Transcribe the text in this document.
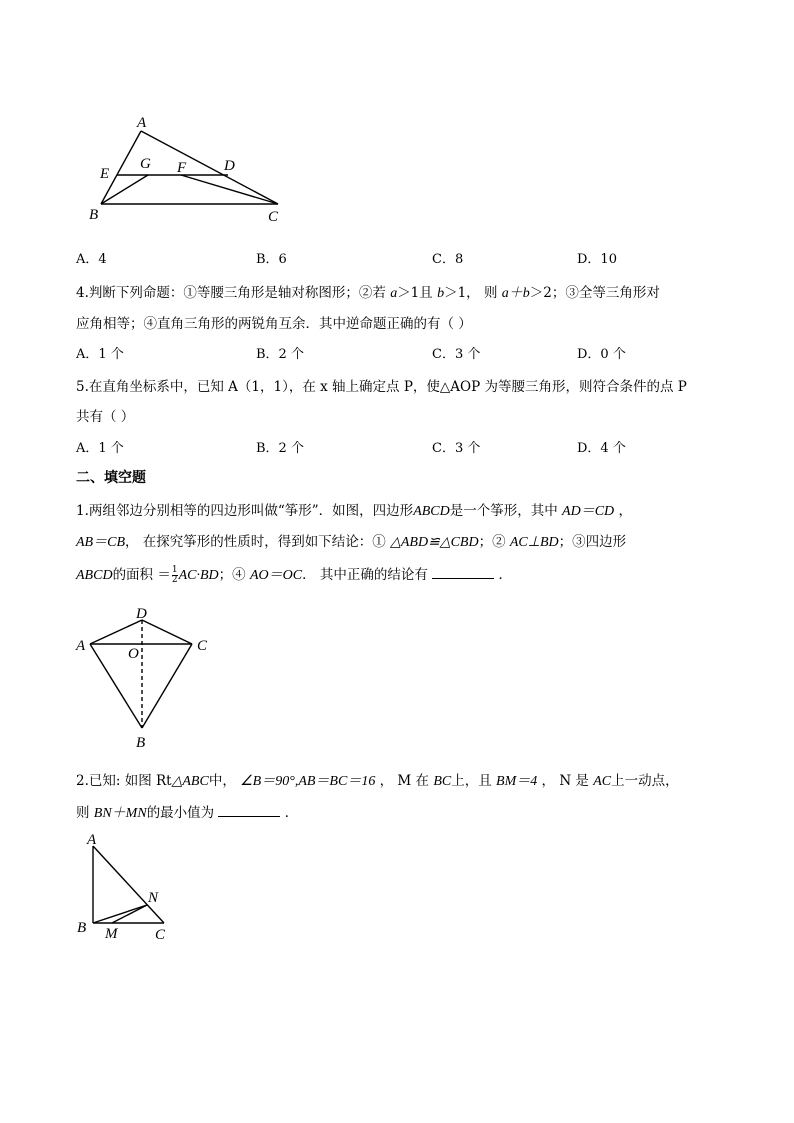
A
B	C
D
E	F
G
A．4	B．6	C．8	D．10
4.判断下列命题：①等腰三角形是轴对称图形；②若 a＞1且 b＞1， 则 a＋b＞2；③全等三角形对
应角相等；④直角三角形的两锐角互余．其中逆命题正确的有（ ）
A．1 个	B．2 个	C．3 个	D．0 个
5.在直角坐标系中，已知 A（1，1），在 x 轴上确定点 P，使△AOP 为等腰三角形，则符合条件的点 P
共有（ ）
A．1 个	B．2 个	C．3 个	D．4 个
二、填空题
1.两组邻边分别相等的四边形叫做“筝形”．如图，四边形ABCD是一个筝形，其中 AD＝CD ，
AB＝CB， 在探究筝形的性质时，得到如下结论：① △ABD≌△CBD；② AC⊥BD；③四边形
ABCD的面积 ＝ $\frac{1}{2} AC\cdot BD$；④ AO＝OC． 其中正确的结论有	．
D
A	C
O
B
2.已知: 如图 Rt△ABC中， ∠B＝90°,AB＝BC＝16 ， M 在 BC上，且 BM＝4 ， N 是 AC上一动点，
则 BN＋MN的最小值为	．
A
B	C
M
N
